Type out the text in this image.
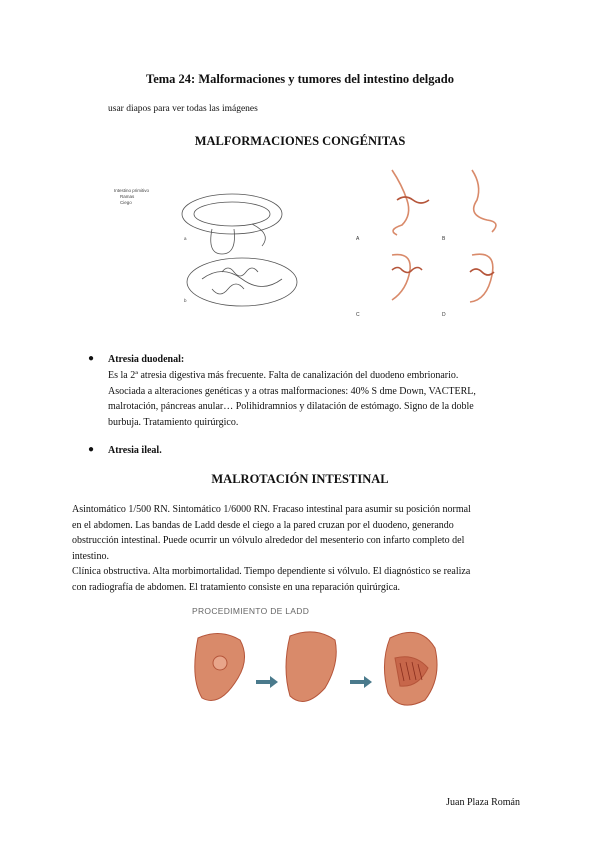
Tema 24: Malformaciones y tumores del intestino delgado
usar diapos para ver todas las imágenes
MALFORMACIONES CONGÉNITAS
Intestino primitivo
Ramas
Ciego
a
b
A	B
C	D
● Atresia duodenal:
Es la 2ª atresia digestiva más frecuente. Falta de canalización del duodeno embrionario.
Asociada a alteraciones genéticas y a otras malformaciones: 40% S dme Down, VACTERL,
malrotación, páncreas anular… Polihidramnios y dilatación de estómago. Signo de la doble
burbuja. Tratamiento quirúrgico.
● Atresia ileal.
MALROTACIÓN INTESTINAL
Asintomático 1/500 RN. Sintomático 1/6000 RN. Fracaso intestinal para asumir su posición normal
en el abdomen. Las bandas de Ladd desde el ciego a la pared cruzan por el duodeno, generando
obstrucción intestinal. Puede ocurrir un vólvulo alrededor del mesenterio con infarto completo del
intestino.
Clínica obstructiva. Alta morbimortalidad. Tiempo dependiente si vólvulo. El diagnóstico se realiza
con radiografía de abdomen. El tratamiento consiste en una reparación quirúrgica.
PROCEDIMIENTO DE LADD
Juan Plaza Román
